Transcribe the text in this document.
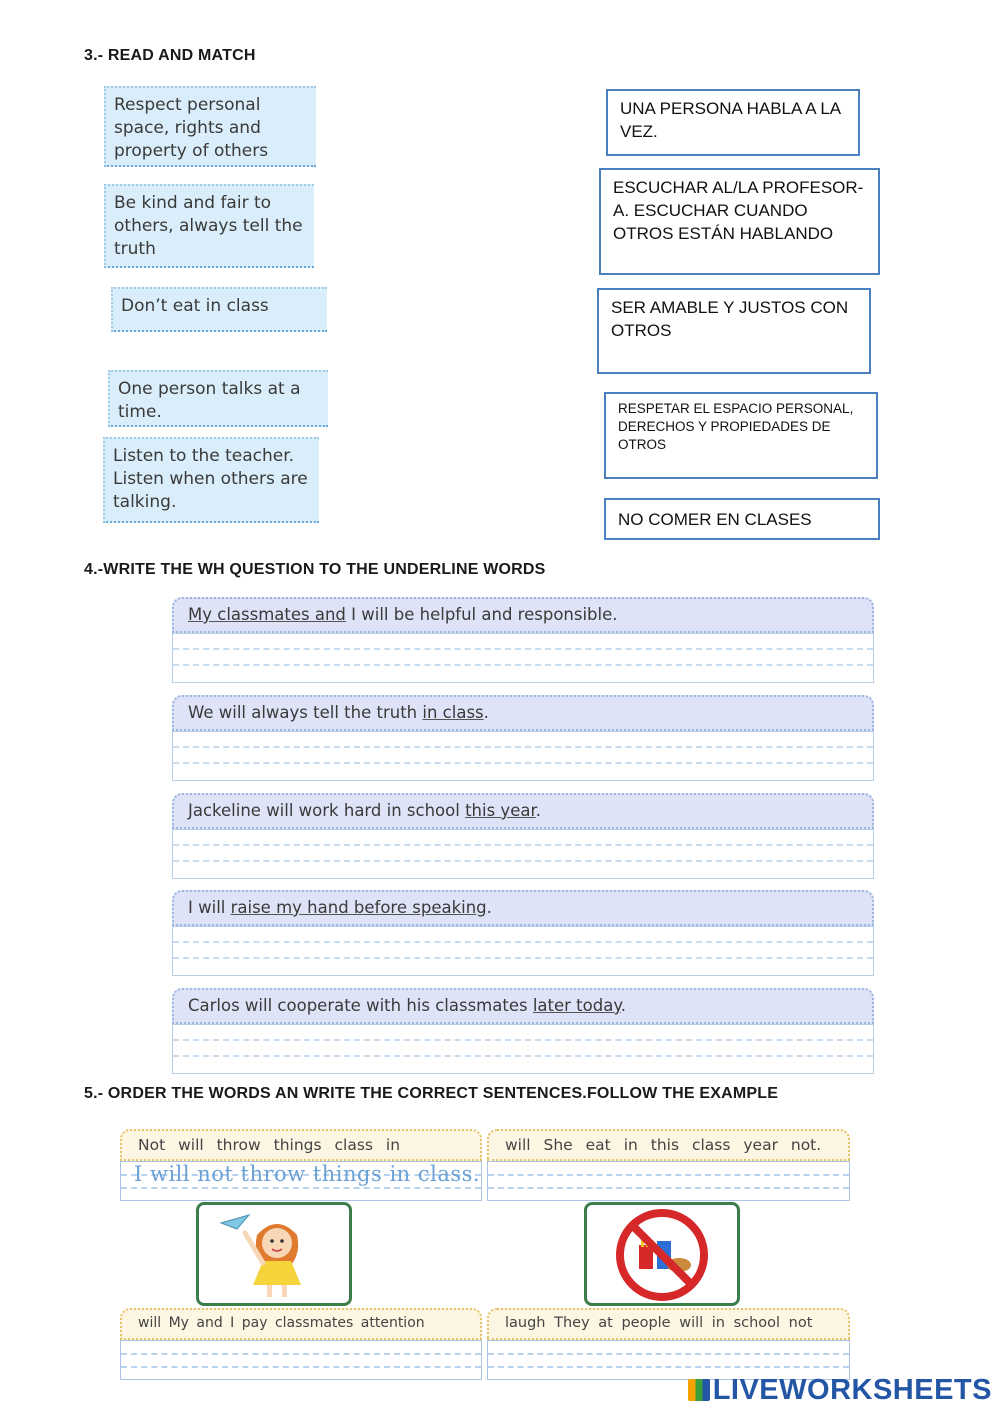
3.- READ AND MATCH
Respect personal space, rights and property of others
Be kind and fair to others, always tell the truth
Don’t eat in class
One person talks at a time.
Listen to the teacher. Listen when others are talking.
UNA PERSONA HABLA A LA VEZ.
ESCUCHAR AL/LA PROFESOR-A. ESCUCHAR CUANDO OTROS ESTÁN HABLANDO
SER AMABLE Y JUSTOS CON OTROS
RESPETAR EL ESPACIO PERSONAL, DERECHOS Y PROPIEDADES DE OTROS
NO COMER EN CLASES
4.-WRITE THE WH QUESTION TO THE UNDERLINE WORDS
My classmates and I will be helpful and responsible.
We will always tell the truth in class.
Jackeline will work hard in school this year.
I will raise my hand before speaking.
Carlos will cooperate with his classmates later today.
5.- ORDER THE WORDS AN WRITE THE CORRECT SENTENCES.FOLLOW THE EXAMPLE
Not will throw things class in
I will not throw things in class.
will She eat in this class year not.
will My and I pay classmates attention	laugh They at people will in school not
LIVEWORKSHEETS
